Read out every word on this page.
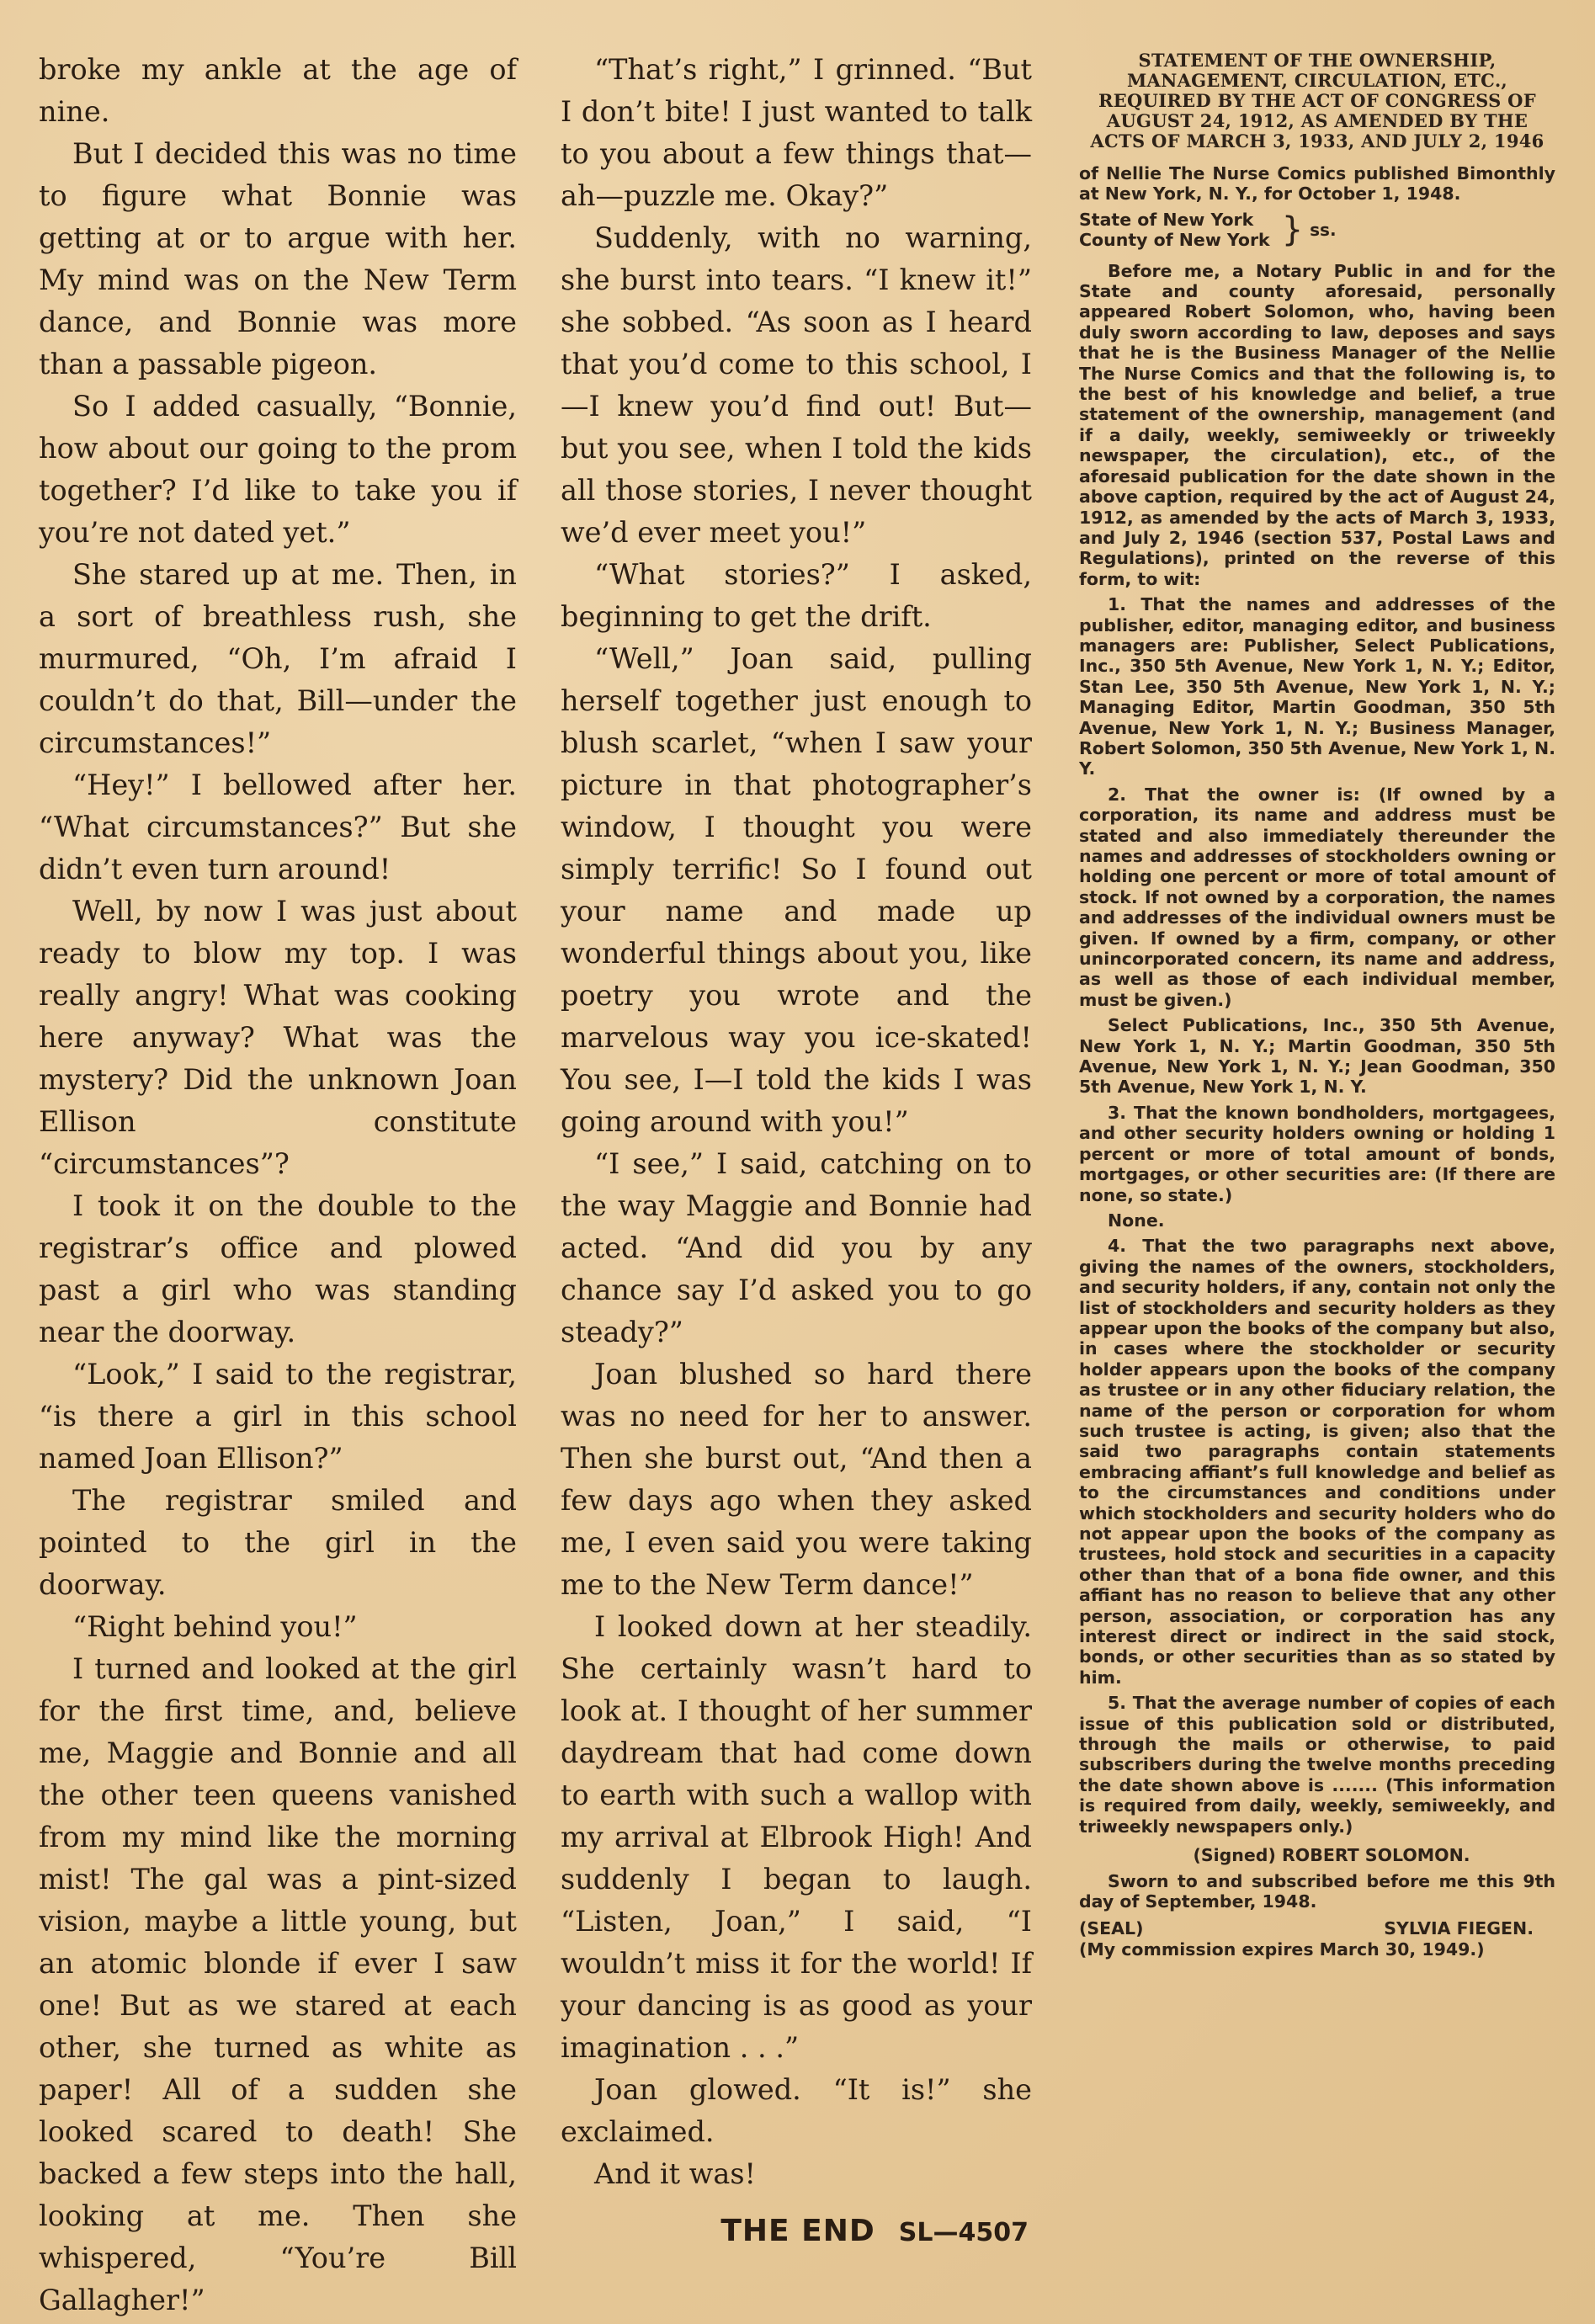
broke my ankle at the age of nine.

But I decided this was no time to figure what Bonnie was getting at or to argue with her. My mind was on the New Term dance, and Bonnie was more than a passable pigeon.

So I added casually, “Bonnie, how about our going to the prom together? I’d like to take you if you’re not dated yet.”

She stared up at me. Then, in a sort of breathless rush, she murmured, “Oh, I’m afraid I couldn’t do that, Bill—under the circumstances!”

“Hey!” I bellowed after her. “What circumstances?” But she didn’t even turn around!

Well, by now I was just about ready to blow my top. I was really angry! What was cooking here anyway? What was the mystery? Did the unknown Joan Ellison constitute “circumstances”?

I took it on the double to the registrar’s office and plowed past a girl who was standing near the doorway.

“Look,” I said to the registrar, “is there a girl in this school named Joan Ellison?”

The registrar smiled and pointed to the girl in the doorway.

“Right behind you!”

I turned and looked at the girl for the first time, and, believe me, Maggie and Bonnie and all the other teen queens vanished from my mind like the morning mist! The gal was a pint-sized vision, maybe a little young, but an atomic blonde if ever I saw one! But as we stared at each other, she turned as white as paper! All of a sudden she looked scared to death! She backed a few steps into the hall, looking at me. Then she whispered, “You’re Bill Gallagher!”

“That’s right,” I grinned. “But I don’t bite! I just wanted to talk to you about a few things that—ah—puzzle me. Okay?”

Suddenly, with no warning, she burst into tears. “I knew it!” she sobbed. “As soon as I heard that you’d come to this school, I—I knew you’d find out! But—but you see, when I told the kids all those stories, I never thought we’d ever meet you!”

“What stories?” I asked, beginning to get the drift.

“Well,” Joan said, pulling herself together just enough to blush scarlet, “when I saw your picture in that photographer’s window, I thought you were simply terrific! So I found out your name and made up wonderful things about you, like poetry you wrote and the marvelous way you ice-skated! You see, I—I told the kids I was going around with you!”

“I see,” I said, catching on to the way Maggie and Bonnie had acted. “And did you by any chance say I’d asked you to go steady?”

Joan blushed so hard there was no need for her to answer. Then she burst out, “And then a few days ago when they asked me, I even said you were taking me to the New Term dance!”

I looked down at her steadily. She certainly wasn’t hard to look at. I thought of her summer daydream that had come down to earth with such a wallop with my arrival at Elbrook High! And suddenly I began to laugh. “Listen, Joan,” I said, “I wouldn’t miss it for the world! If your dancing is as good as your imagination . . .”

Joan glowed. “It is!” she exclaimed.

And it was!

THE END SL—4507
STATEMENT OF THE OWNERSHIP, MANAGEMENT, CIRCULATION, ETC., REQUIRED BY THE ACT OF CONGRESS OF AUGUST 24, 1912, AS AMENDED BY THE ACTS OF MARCH 3, 1933, AND JULY 2, 1946

of Nellie The Nurse Comics published Bimonthly at New York, N. Y., for October 1, 1948.

State of New York
County of New York } ss.

Before me, a Notary Public in and for the State and county aforesaid, personally appeared Robert Solomon, who, having been duly sworn according to law, deposes and says that he is the Business Manager of the Nellie The Nurse Comics and that the following is, to the best of his knowledge and belief, a true statement of the ownership, management (and if a daily, weekly, semiweekly or triweekly newspaper, the circulation), etc., of the aforesaid publication for the date shown in the above caption, required by the act of August 24, 1912, as amended by the acts of March 3, 1933, and July 2, 1946 (section 537, Postal Laws and Regulations), printed on the reverse of this form, to wit:

1. That the names and addresses of the publisher, editor, managing editor, and business managers are: Publisher, Select Publications, Inc., 350 5th Avenue, New York 1, N. Y.; Editor, Stan Lee, 350 5th Avenue, New York 1, N. Y.; Managing Editor, Martin Goodman, 350 5th Avenue, New York 1, N. Y.; Business Manager, Robert Solomon, 350 5th Avenue, New York 1, N. Y.

2. That the owner is: (If owned by a corporation, its name and address must be stated and also immediately thereunder the names and addresses of stockholders owning or holding one percent or more of total amount of stock. If not owned by a corporation, the names and addresses of the individual owners must be given. If owned by a firm, company, or other unincorporated concern, its name and address, as well as those of each individual member, must be given.)

Select Publications, Inc., 350 5th Avenue, New York 1, N. Y.; Martin Goodman, 350 5th Avenue, New York 1, N. Y.; Jean Goodman, 350 5th Avenue, New York 1, N. Y.

3. That the known bondholders, mortgagees, and other security holders owning or holding 1 percent or more of total amount of bonds, mortgages, or other securities are: (If there are none, so state.)

None.

4. That the two paragraphs next above, giving the names of the owners, stockholders, and security holders, if any, contain not only the list of stockholders and security holders as they appear upon the books of the company but also, in cases where the stockholder or security holder appears upon the books of the company as trustee or in any other fiduciary relation, the name of the person or corporation for whom such trustee is acting, is given; also that the said two paragraphs contain statements embracing affiant’s full knowledge and belief as to the circumstances and conditions under which stockholders and security holders who do not appear upon the books of the company as trustees, hold stock and securities in a capacity other than that of a bona fide owner, and this affiant has no reason to believe that any other person, association, or corporation has any interest direct or indirect in the said stock, bonds, or other securities than as so stated by him.

5. That the average number of copies of each issue of this publication sold or distributed, through the mails or otherwise, to paid subscribers during the twelve months preceding the date shown above is ....... (This information is required from daily, weekly, semiweekly, and triweekly newspapers only.)

(Signed) ROBERT SOLOMON.

Sworn to and subscribed before me this 9th day of September, 1948.

(SEAL)	SYLVIA FIEGEN.

(My commission expires March 30, 1949.)
